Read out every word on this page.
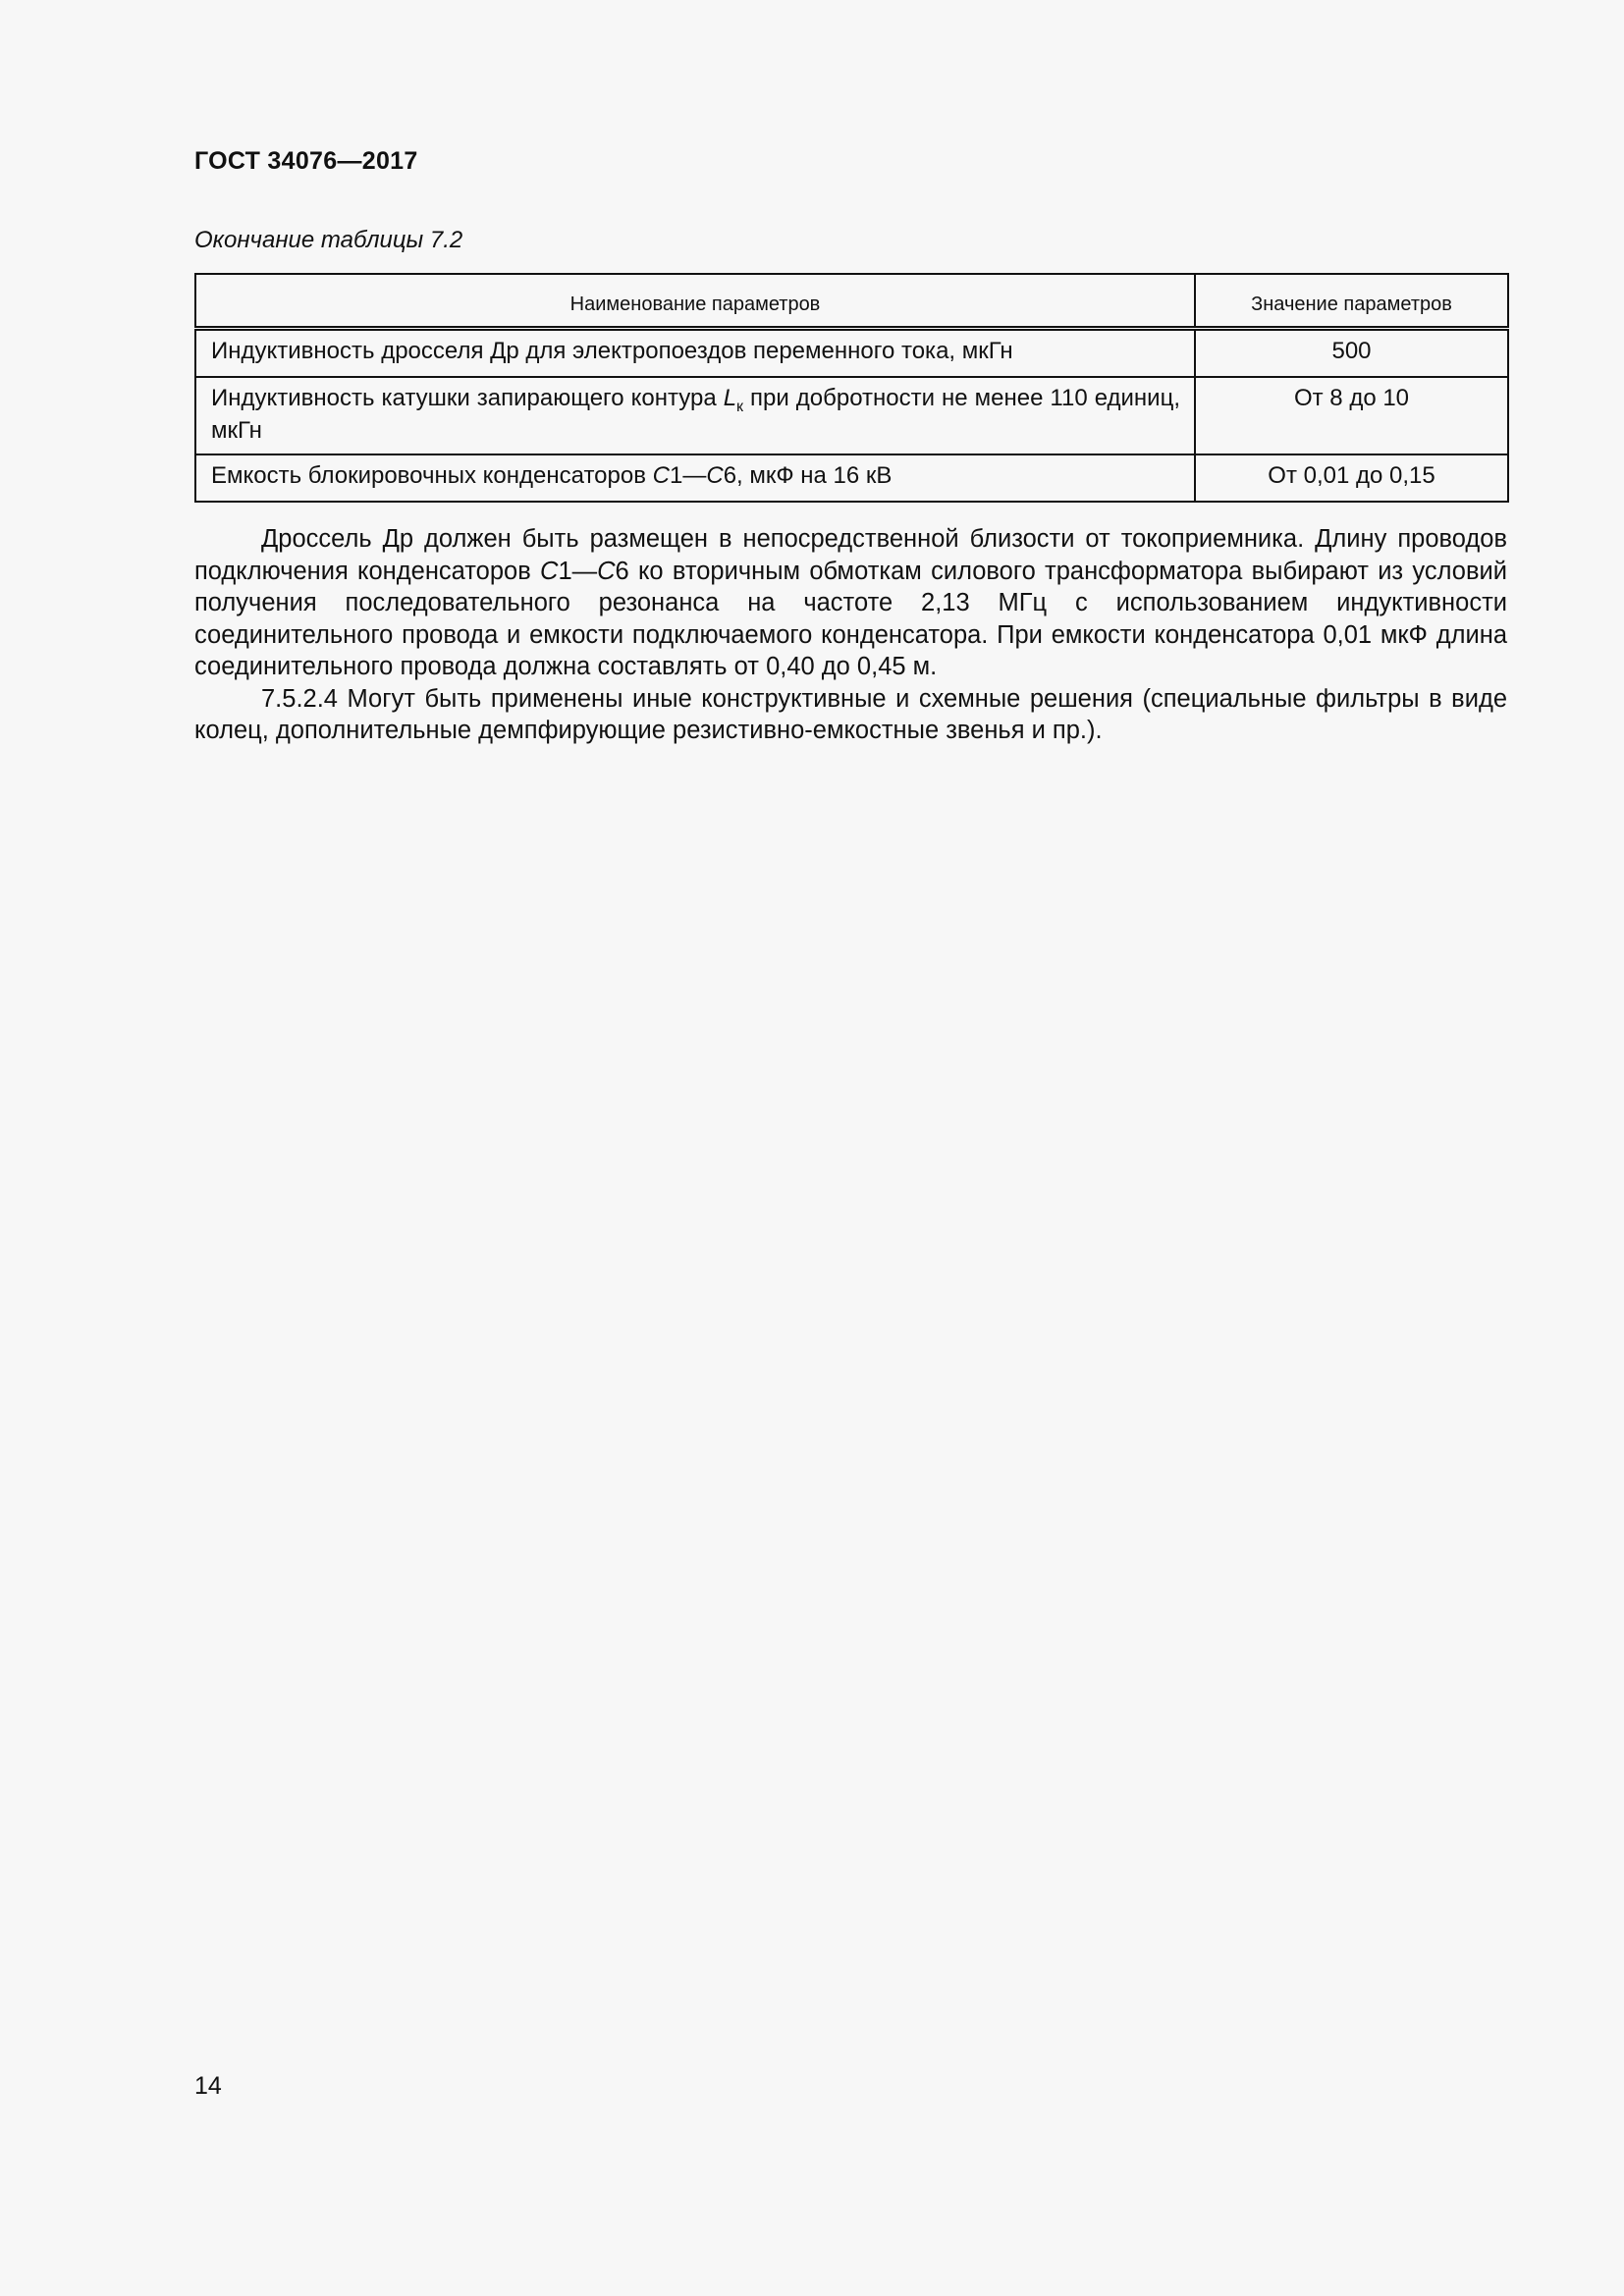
ГОСТ 34076—2017
Окончание таблицы 7.2
Наименование параметров	Значение параметров
Индуктивность дросселя Др для электропоездов переменного тока, мкГн	500
Индуктивность катушки запирающего контура $L_к$ при добротности не менее 110 единиц, мкГн	От 8 до 10
Емкость блокировочных конденсаторов С1—С6, мкФ на 16 кВ	От 0,01 до 0,15

Дроссель Др должен быть размещен в непосредственной близости от токоприемника. Длину проводов подключения конденсаторов С1—С6 ко вторичным обмоткам силового трансформатора выбирают из условий получения последовательного резонанса на частоте 2,13 МГц с использованием индуктивности соединительного провода и емкости подключаемого конденсатора. При емкости конденсатора 0,01 мкФ длина соединительного провода должна составлять от 0,40 до 0,45 м.

7.5.2.4 Могут быть применены иные конструктивные и схемные решения (специальные фильтры в виде колец, дополнительные демпфирующие резистивно-емкостные звенья и пр.).

14
